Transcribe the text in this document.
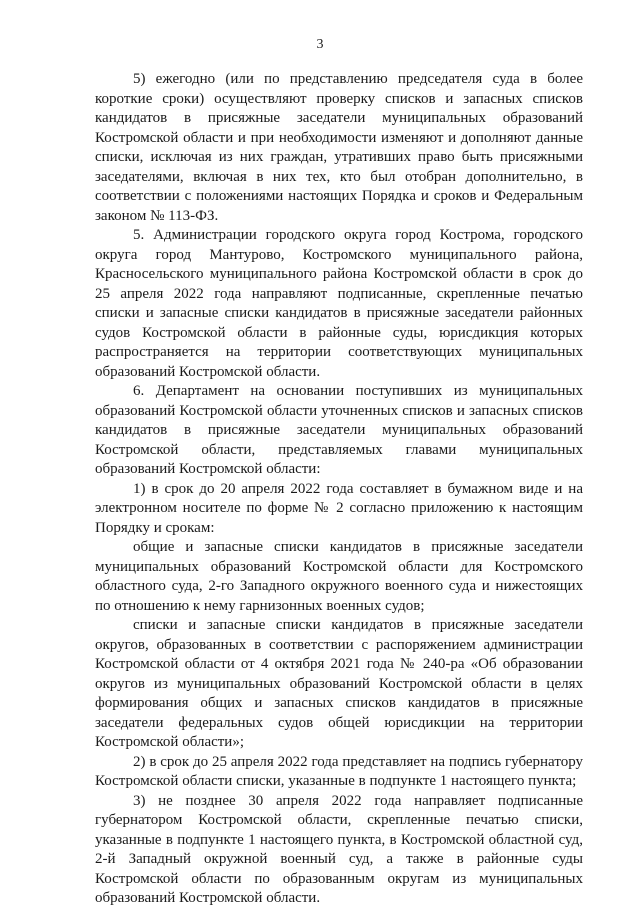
3

5) ежегодно (или по представлению председателя суда в более короткие сроки) осуществляют проверку списков и запасных списков кандидатов в присяжные заседатели муниципальных образований Костромской области и при необходимости изменяют и дополняют данные списки, исключая из них граждан, утративших право быть присяжными заседателями, включая в них тех, кто был отобран дополнительно, в соответствии с положениями настоящих Порядка и сроков и Федеральным законом № 113-ФЗ.

5. Администрации городского округа город Кострома, городского округа город Мантурово, Костромского муниципального района, Красносельского муниципального района Костромской области в срок до 25 апреля 2022 года направляют подписанные, скрепленные печатью списки и запасные списки кандидатов в присяжные заседатели районных судов Костромской области в районные суды, юрисдикция которых распространяется на территории соответствующих муниципальных образований Костромской области.

6. Департамент на основании поступивших из муниципальных образований Костромской области уточненных списков и запасных списков кандидатов в присяжные заседатели муниципальных образований Костромской области, представляемых главами муниципальных образований Костромской области:

1) в срок до 20 апреля 2022 года составляет в бумажном виде и на электронном носителе по форме № 2 согласно приложению к настоящим Порядку и срокам:

общие и запасные списки кандидатов в присяжные заседатели муниципальных образований Костромской области для Костромского областного суда, 2-го Западного окружного военного суда и нижестоящих по отношению к нему гарнизонных военных судов;

списки и запасные списки кандидатов в присяжные заседатели округов, образованных в соответствии с распоряжением администрации Костромской области от 4 октября 2021 года № 240-ра «Об образовании округов из муниципальных образований Костромской области в целях формирования общих и запасных списков кандидатов в присяжные заседатели федеральных судов общей юрисдикции на территории Костромской области»;

2) в срок до 25 апреля 2022 года представляет на подпись губернатору Костромской области списки, указанные в подпункте 1 настоящего пункта;

3) не позднее 30 апреля 2022 года направляет подписанные губернатором Костромской области, скрепленные печатью списки, указанные в подпункте 1 настоящего пункта, в Костромской областной суд, 2-й Западный окружной военный суд, а также в районные суды Костромской области по образованным округам из муниципальных образований Костромской области.
